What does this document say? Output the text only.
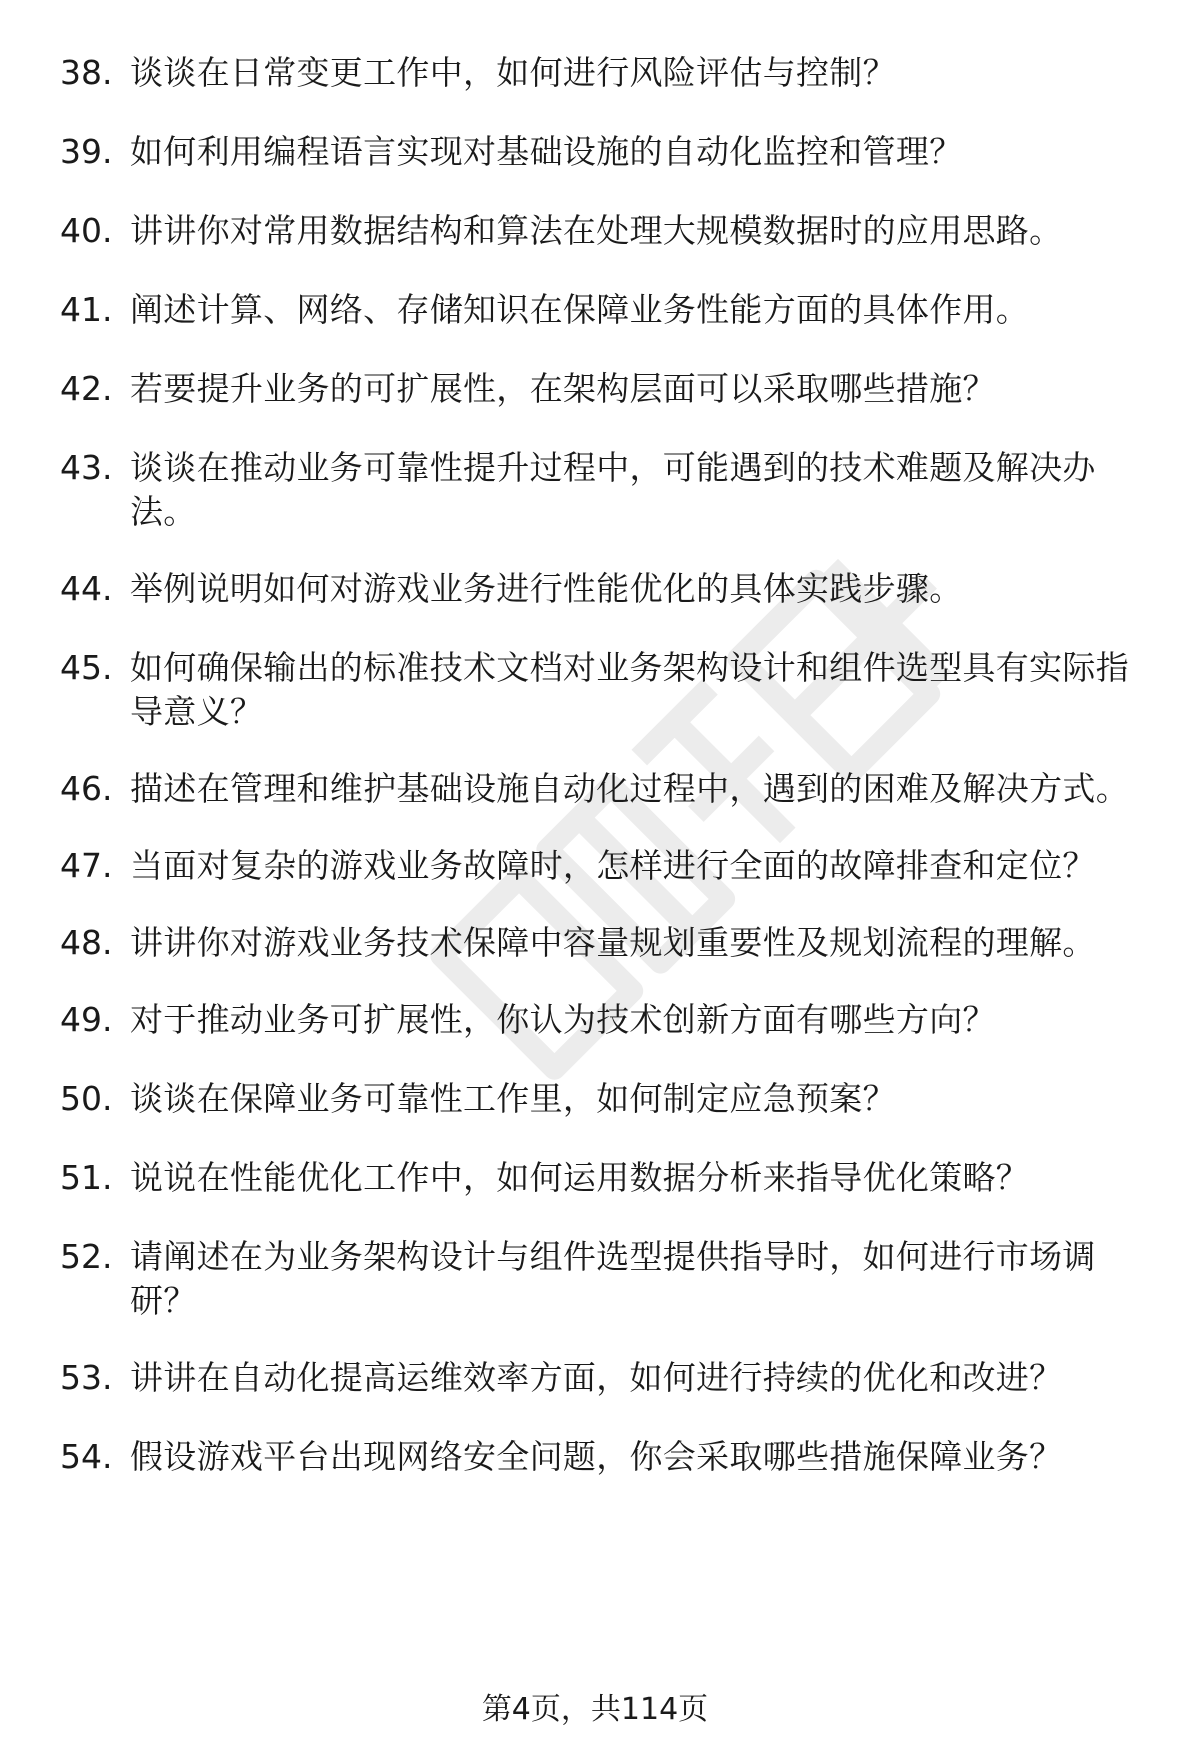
38. 谈谈在日常变更工作中，如何进行风险评估与控制？
39. 如何利用编程语言实现对基础设施的自动化监控和管理？
40. 讲讲你对常用数据结构和算法在处理大规模数据时的应用思路。
41. 阐述计算、网络、存储知识在保障业务性能方面的具体作用。
42. 若要提升业务的可扩展性，在架构层面可以采取哪些措施？
43. 谈谈在推动业务可靠性提升过程中，可能遇到的技术难题及解决办法。
44. 举例说明如何对游戏业务进行性能优化的具体实践步骤。
45. 如何确保输出的标准技术文档对业务架构设计和组件选型具有实际指导意义？
46. 描述在管理和维护基础设施自动化过程中，遇到的困难及解决方式。
47. 当面对复杂的游戏业务故障时，怎样进行全面的故障排查和定位？
48. 讲讲你对游戏业务技术保障中容量规划重要性及规划流程的理解。
49. 对于推动业务可扩展性，你认为技术创新方面有哪些方向？
50. 谈谈在保障业务可靠性工作里，如何制定应急预案？
51. 说说在性能优化工作中，如何运用数据分析来指导优化策略？
52. 请阐述在为业务架构设计与组件选型提供指导时，如何进行市场调研？
53. 讲讲在自动化提高运维效率方面，如何进行持续的优化和改进？
54. 假设游戏平台出现网络安全问题，你会采取哪些措施保障业务？
第4页，共114页
